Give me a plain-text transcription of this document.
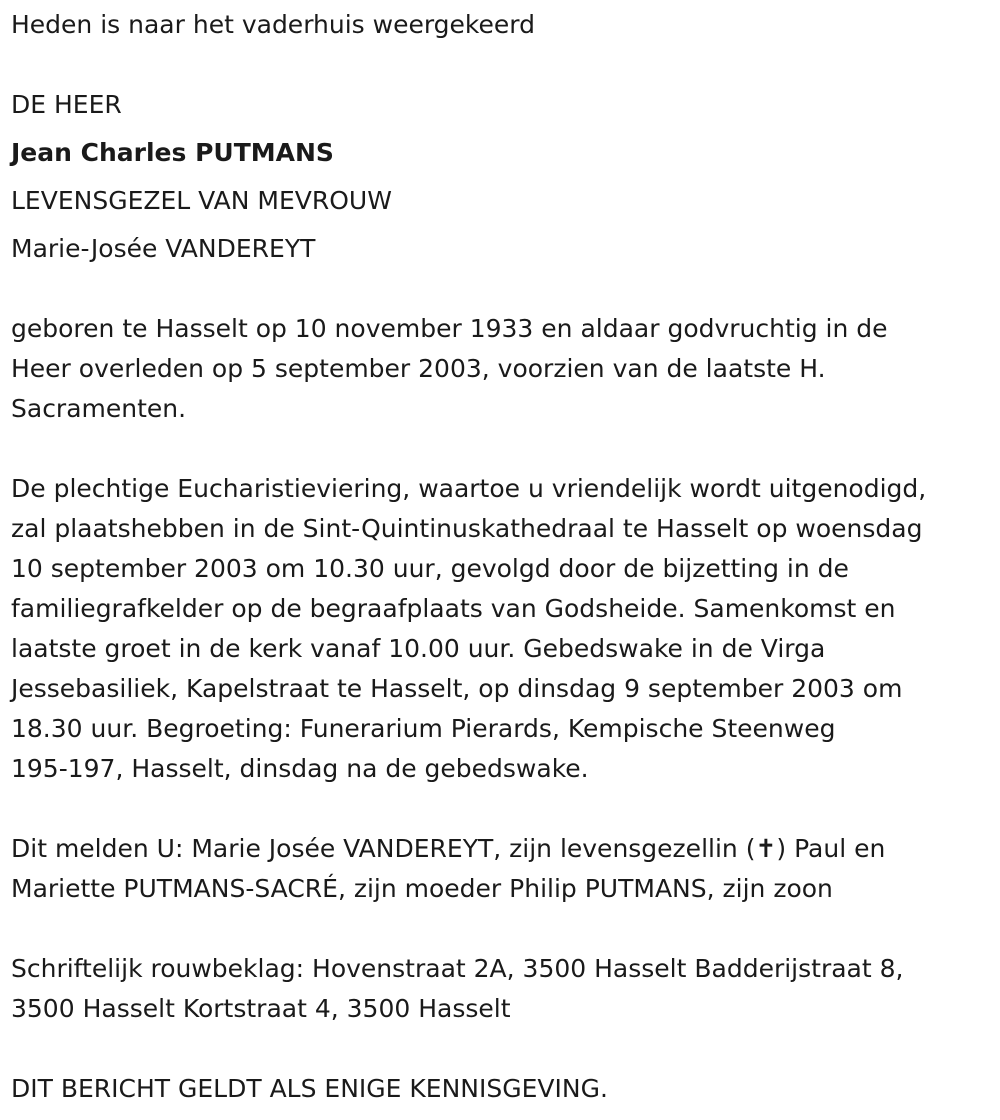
Heden is naar het vaderhuis weergekeerd
DE HEER
Jean Charles PUTMANS
LEVENSGEZEL VAN MEVROUW
Marie-Josée VANDEREYT
geboren te Hasselt op 10 november 1933 en aldaar godvruchtig in de
Heer overleden op 5 september 2003, voorzien van de laatste H.
Sacramenten.
De plechtige Eucharistieviering, waartoe u vriendelijk wordt uitgenodigd,
zal plaatshebben in de Sint-Quintinuskathedraal te Hasselt op woensdag
10 september 2003 om 10.30 uur, gevolgd door de bijzetting in de
familiegrafkelder op de begraafplaats van Godsheide. Samenkomst en
laatste groet in de kerk vanaf 10.00 uur. Gebedswake in de Virga
Jessebasiliek, Kapelstraat te Hasselt, op dinsdag 9 september 2003 om
18.30 uur. Begroeting: Funerarium Pierards, Kempische Steenweg
195-197, Hasselt, dinsdag na de gebedswake.
Dit melden U: Marie Josée VANDEREYT, zijn levensgezellin (✝) Paul en
Mariette PUTMANS-SACRÉ, zijn moeder Philip PUTMANS, zijn zoon
Schriftelijk rouwbeklag: Hovenstraat 2A, 3500 Hasselt Badderijstraat 8,
3500 Hasselt Kortstraat 4, 3500 Hasselt
DIT BERICHT GELDT ALS ENIGE KENNISGEVING.
